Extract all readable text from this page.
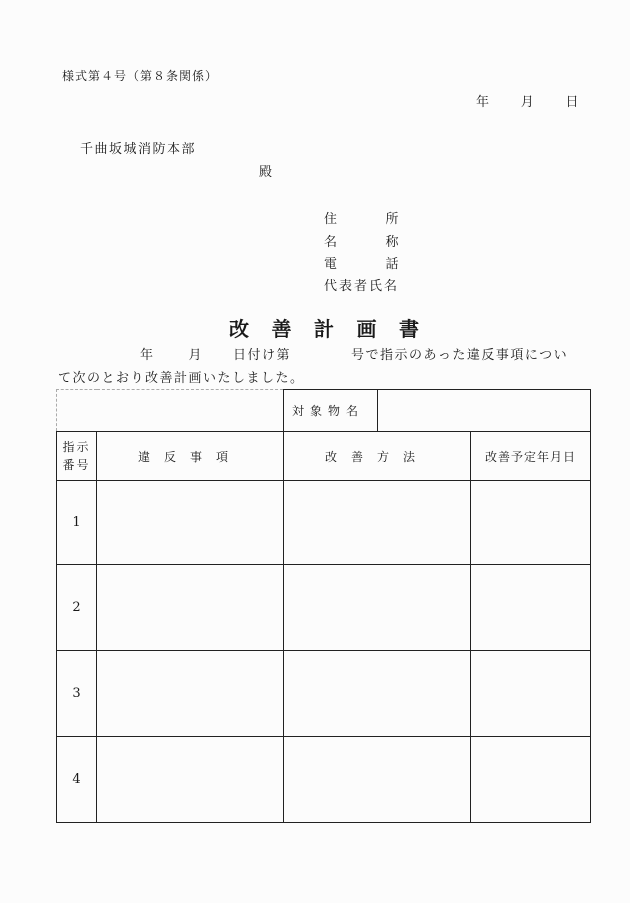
様式第４号（第８条関係）
年 月 日
千曲坂城消防本部
殿
住	所
名	称
電	話
代表者氏名
改 善 計 画 書
年	月 日付け第	号で指示のあった違反事項につい
て次のとおり改善計画いたしました。
		対象物名		

指示
番号	違反事項	改善方法		改善予定年月日
1				
2				
3				
4				
